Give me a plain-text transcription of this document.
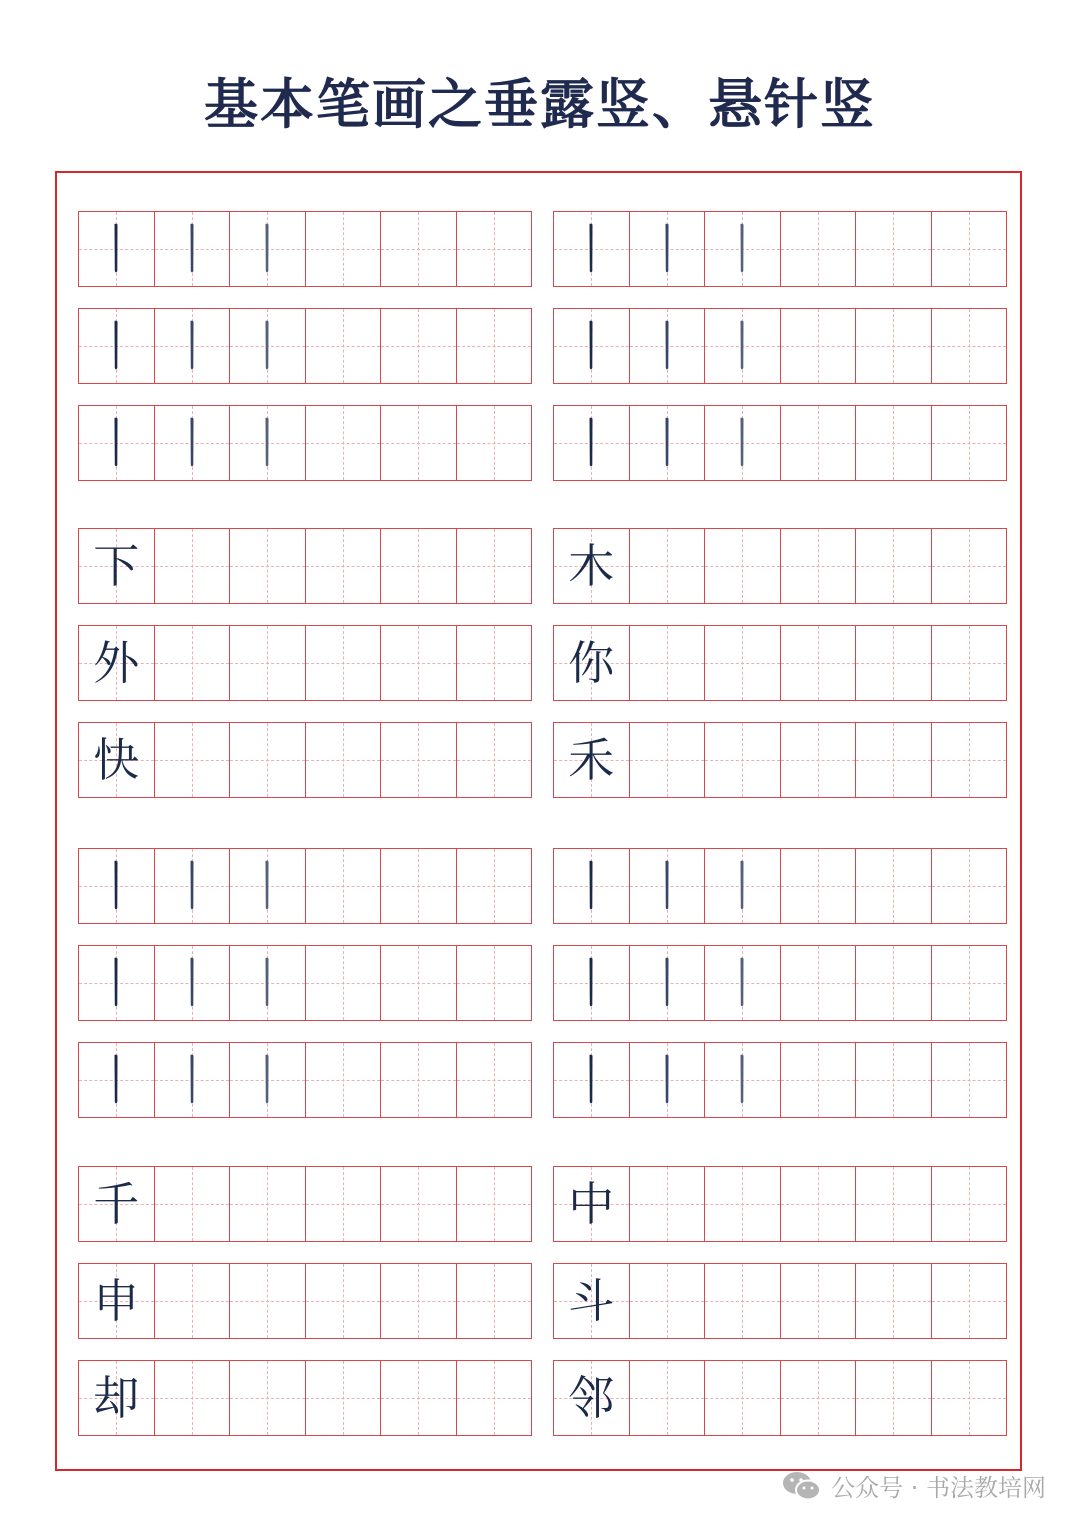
基本笔画之垂露竖、悬针竖
下
外
快
木
你
禾
千
申
却
中
斗
邻
公众号 · 书法教培网
